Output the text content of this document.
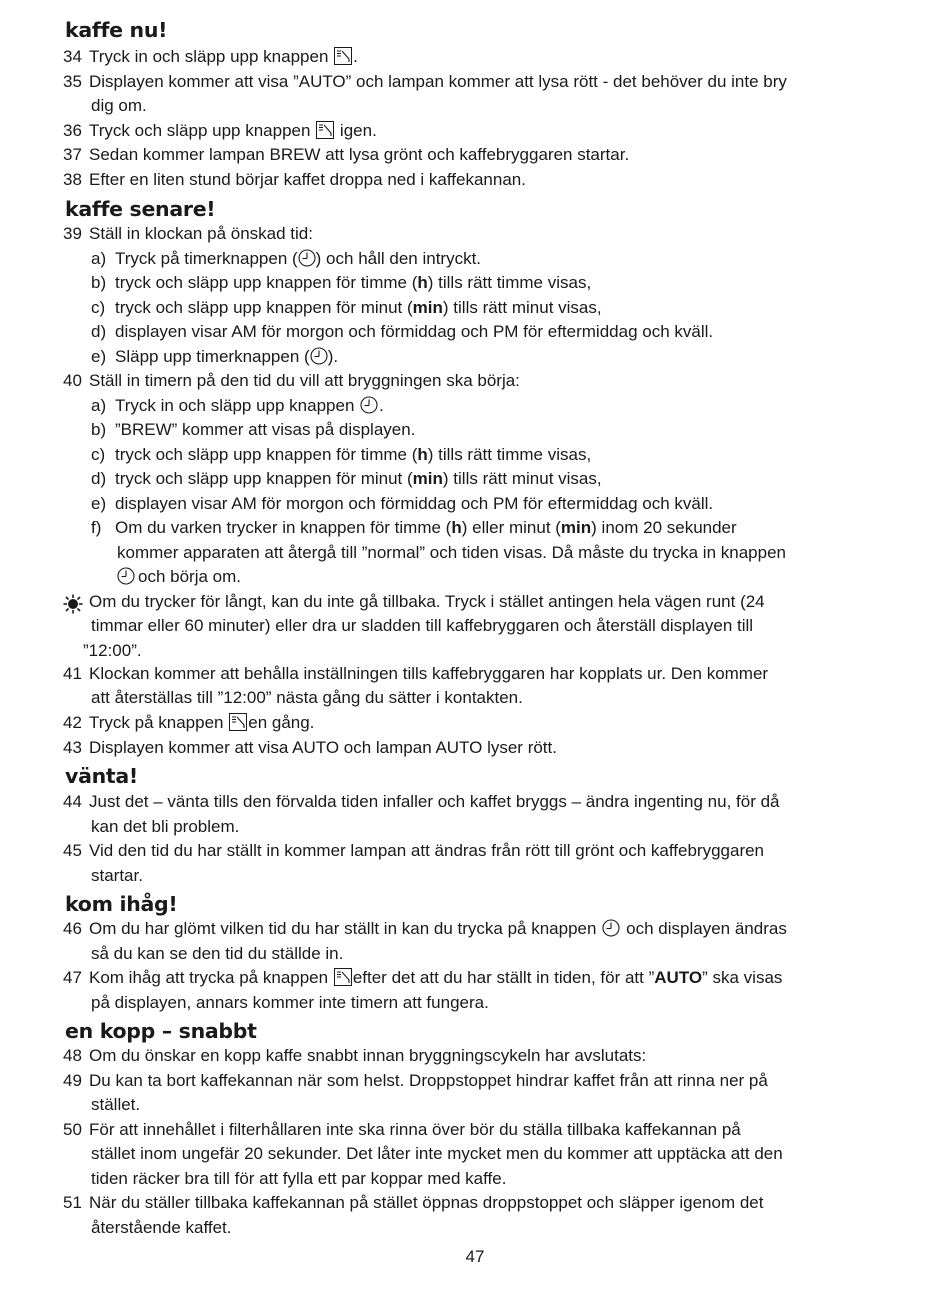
kaffe nu!
34 Tryck in och släpp upp knappen .
35 Displayen kommer att visa ”AUTO” och lampan kommer att lysa rött - det behöver du inte bry
dig om.
36 Tryck och släpp upp knappen igen.
37 Sedan kommer lampan BREW att lysa grönt och kaffebryggaren startar.
38 Efter en liten stund börjar kaffet droppa ned i kaffekannan.
kaffe senare!
39 Ställ in klockan på önskad tid:
a) Tryck på timerknappen ( ) och håll den intryckt.
b) tryck och släpp upp knappen för timme (h) tills rätt timme visas,
c) tryck och släpp upp knappen för minut (min) tills rätt minut visas,
d) displayen visar AM för morgon och förmiddag och PM för eftermiddag och kväll.
e) Släpp upp timerknappen ( ).
40 Ställ in timern på den tid du vill att bryggningen ska börja:
a) Tryck in och släpp upp knappen .
b) ”BREW” kommer att visas på displayen.
c) tryck och släpp upp knappen för timme (h) tills rätt timme visas,
d) tryck och släpp upp knappen för minut (min) tills rätt minut visas,
e) displayen visar AM för morgon och förmiddag och PM för eftermiddag och kväll.
f) Om du varken trycker in knappen för timme (h) eller minut (min) inom 20 sekunder
kommer apparaten att återgå till ”normal” och tiden visas. Då måste du trycka in knappen
och börja om.
Om du trycker för långt, kan du inte gå tillbaka. Tryck i stället antingen hela vägen runt (24
timmar eller 60 minuter) eller dra ur sladden till kaffebryggaren och återställ displayen till
”12:00”.
41 Klockan kommer att behålla inställningen tills kaffebryggaren har kopplats ur. Den kommer
att återställas till ”12:00” nästa gång du sätter i kontakten.
42 Tryck på knappen en gång.
43 Displayen kommer att visa AUTO och lampan AUTO lyser rött.
vänta!
44 Just det – vänta tills den förvalda tiden infaller och kaffet bryggs – ändra ingenting nu, för då
kan det bli problem.
45 Vid den tid du har ställt in kommer lampan att ändras från rött till grönt och kaffebryggaren
startar.
kom ihåg!
46 Om du har glömt vilken tid du har ställt in kan du trycka på knappen och displayen ändras
så du kan se den tid du ställde in.
47 Kom ihåg att trycka på knappen efter det att du har ställt in tiden, för att ”AUTO” ska visas
på displayen, annars kommer inte timern att fungera.
en kopp – snabbt
48 Om du önskar en kopp kaffe snabbt innan bryggningscykeln har avslutats:
49 Du kan ta bort kaffekannan när som helst. Droppstoppet hindrar kaffet från att rinna ner på
stället.
50 För att innehållet i filterhållaren inte ska rinna över bör du ställa tillbaka kaffekannan på
stället inom ungefär 20 sekunder. Det låter inte mycket men du kommer att upptäcka att den
tiden räcker bra till för att fylla ett par koppar med kaffe.
51 När du ställer tillbaka kaffekannan på stället öppnas droppstoppet och släpper igenom det
återstående kaffet.
47
